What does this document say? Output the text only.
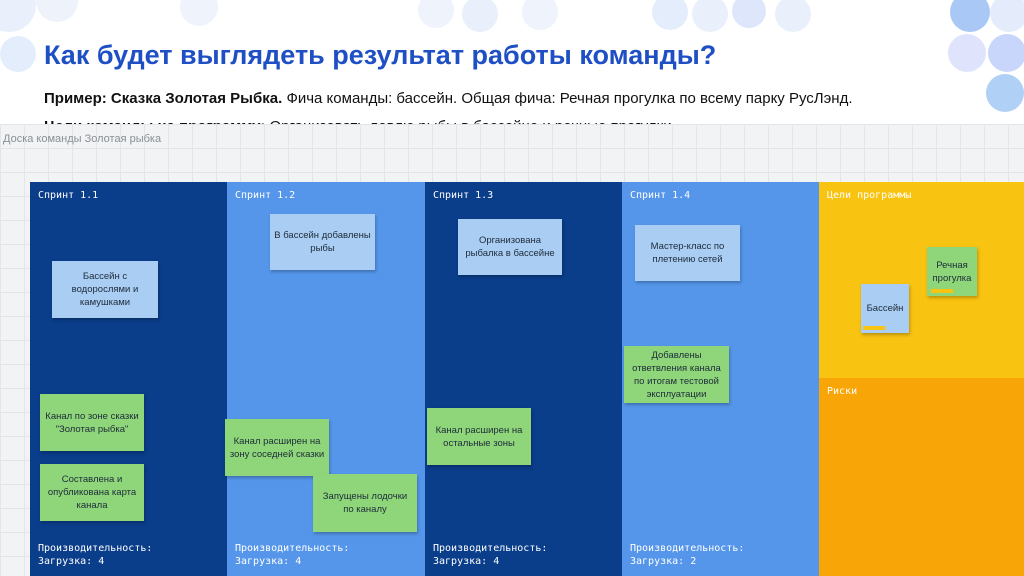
Как будет выглядеть результат работы команды?
Пример: Сказка Золотая Рыбка. Фича команды: бассейн. Общая фича: Речная прогулка по всему парку РусЛэнд.
Доска команды Золотая рыбка
Спринт 1.1
Производительность:
Загрузка: 4
Спринт 1.2
Производительность:
Загрузка: 4
Спринт 1.3
Производительность:
Загрузка: 4
Спринт 1.4
Производительность:
Загрузка: 2
Цели программы
Риски
Бассейн с водорослями и камушками
Канал по зоне сказки "Золотая рыбка"
Составлена и опубликована карта канала
В бассейн добавлены рыбы
Канал расширен на зону соседней сказки
Запущены лодочки по каналу
Организована рыбалка в бассейне
Канал расширен на остальные зоны
Мастер-класс по плетению сетей
Добавлены ответвления канала по итогам тестовой эксплуатации
Бассейн
Речная прогулка
